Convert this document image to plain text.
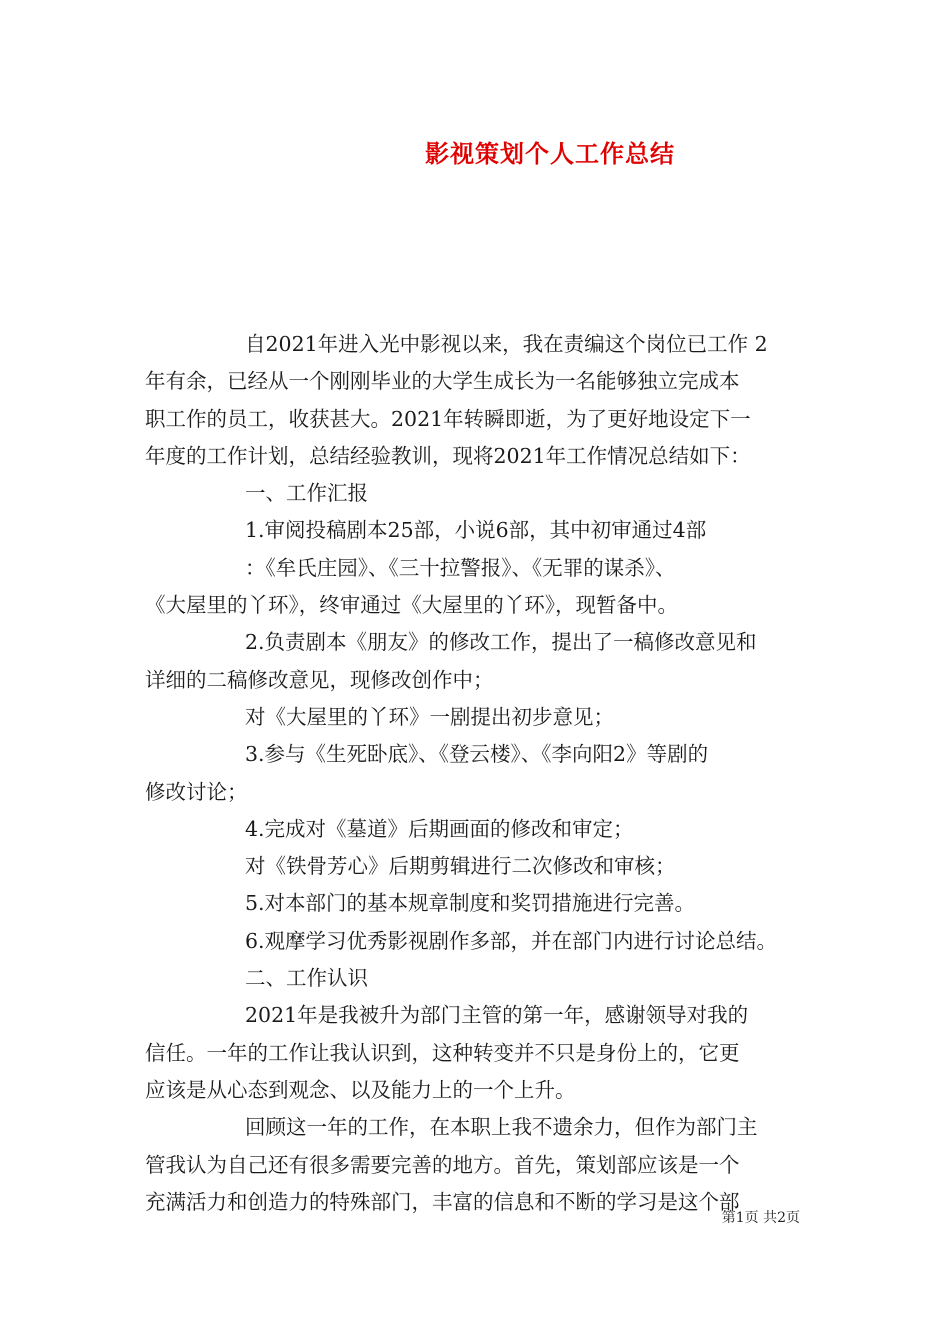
影视策划个人工作总结

自2021年进入光中影视以来，我在责编这个岗位已工作 2

年有余，已经从一个刚刚毕业的大学生成长为一名能够独立完成本

职工作的员工，收获甚大。2021年转瞬即逝，为了更好地设定下一

年度的工作计划，总结经验教训，现将2021年工作情况总结如下：

一、工作汇报

1.审阅投稿剧本25部，小说6部，其中初审通过4部

：《牟氏庄园》、《三十拉警报》、《无罪的谋杀》、

《大屋里的丫环》，终审通过《大屋里的丫环》，现暂备中。

2.负责剧本《朋友》的修改工作，提出了一稿修改意见和

详细的二稿修改意见，现修改创作中；

对《大屋里的丫环》一剧提出初步意见；

3.参与《生死卧底》、《登云楼》、《李向阳2》等剧的

修改讨论；

4.完成对《墓道》后期画面的修改和审定；

对《铁骨芳心》后期剪辑进行二次修改和审核；

5.对本部门的基本规章制度和奖罚措施进行完善。

6.观摩学习优秀影视剧作多部，并在部门内进行讨论总结。

二、工作认识

2021年是我被升为部门主管的第一年，感谢领导对我的

信任。一年的工作让我认识到，这种转变并不只是身份上的，它更

应该是从心态到观念、以及能力上的一个上升。

回顾这一年的工作，在本职上我不遗余力，但作为部门主

管我认为自己还有很多需要完善的地方。首先，策划部应该是一个

充满活力和创造力的特殊部门，丰富的信息和不断的学习是这个部

第1页 共2页
